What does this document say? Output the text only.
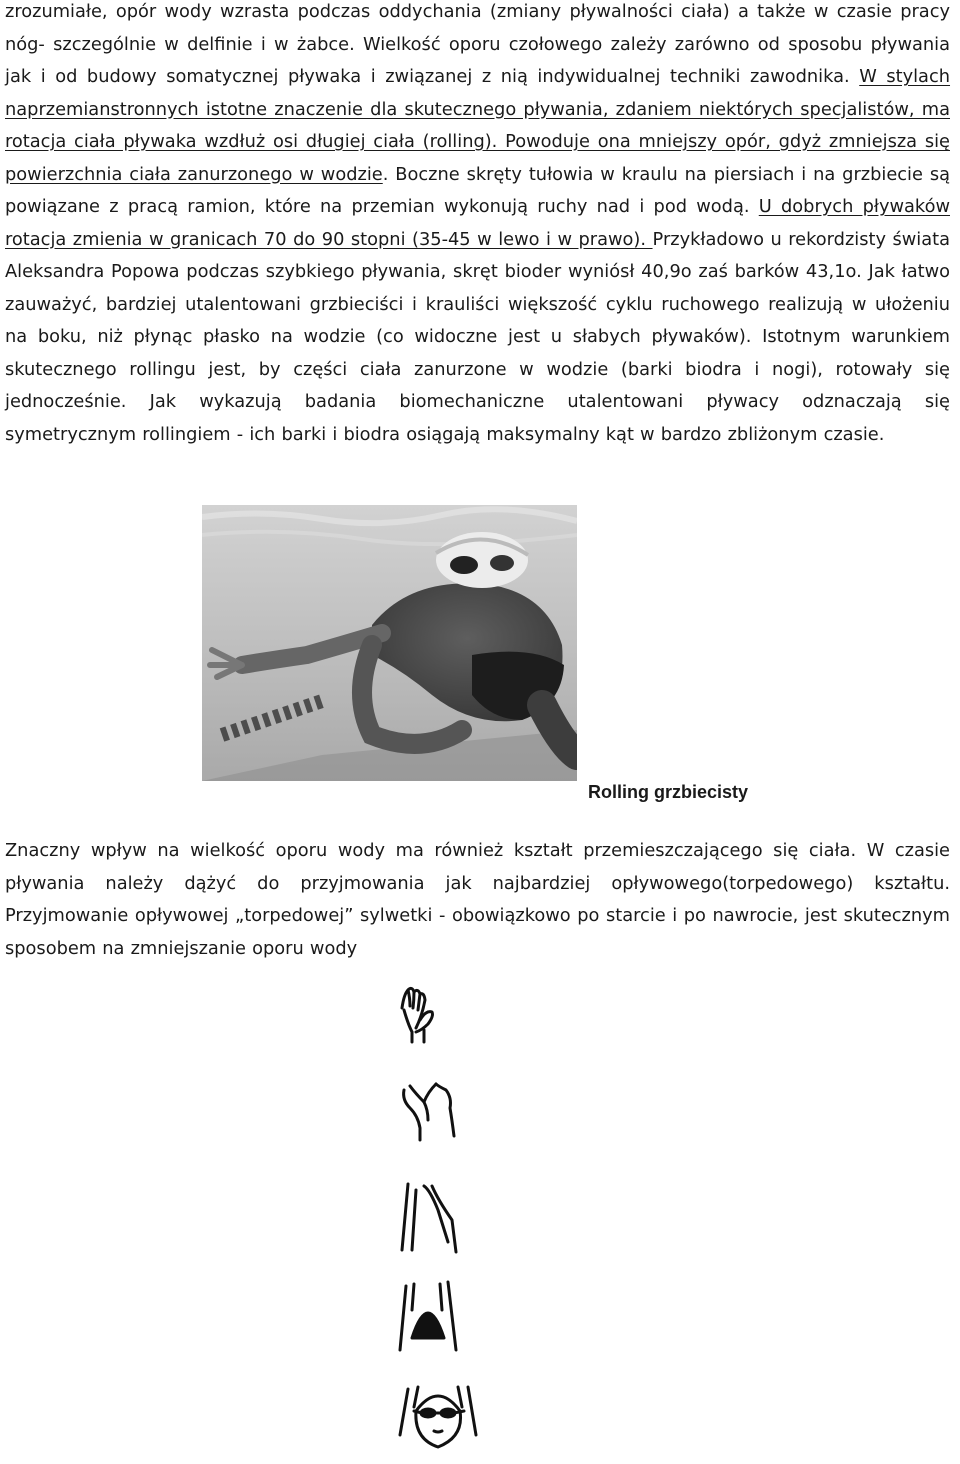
zrozumiałe, opór wody wzrasta podczas oddychania (zmiany pływalności ciała) a także w czasie pracy nóg- szczególnie w delfinie i w żabce. Wielkość oporu czołowego zależy zarówno od sposobu pływania jak i od budowy somatycznej pływaka i związanej z nią indywidualnej techniki zawodnika. W stylach naprzemianstronnych istotne znaczenie dla skutecznego pływania, zdaniem niektórych specjalistów, ma rotacja ciała pływaka wzdłuż osi długiej ciała (rolling). Powoduje ona mniejszy opór, gdyż zmniejsza się powierzchnia ciała zanurzonego w wodzie. Boczne skręty tułowia w kraulu na piersiach i na grzbiecie są powiązane z pracą ramion, które na przemian wykonują ruchy nad i pod wodą. U dobrych pływaków rotacja zmienia w granicach 70 do 90 stopni (35-45 w lewo i w prawo). Przykładowo u rekordzisty świata Aleksandra Popowa podczas szybkiego pływania, skręt bioder wyniósł 40,9o zaś barków 43,1o. Jak łatwo zauważyć, bardziej utalentowani grzbieciści i krauliści większość cyklu ruchowego realizują w ułożeniu na boku, niż płynąc płasko na wodzie (co widoczne jest u słabych pływaków). Istotnym warunkiem skutecznego rollingu jest, by części ciała zanurzone w wodzie (barki biodra i nogi), rotowały się jednocześnie. Jak wykazują badania biomechaniczne utalentowani pływacy odznaczają się symetrycznym rollingiem - ich barki i biodra osiągają maksymalny kąt w bardzo zbliżonym czasie.

Rolling grzbiecisty

Znaczny wpływ na wielkość oporu wody ma również kształt przemieszczającego się ciała. W czasie pływania należy dążyć do przyjmowania jak najbardziej opływowego(torpedowego) kształtu. Przyjmowanie opływowej „torpedowej” sylwetki - obowiązkowo po starcie i po nawrocie, jest skutecznym sposobem na zmniejszanie oporu wody
